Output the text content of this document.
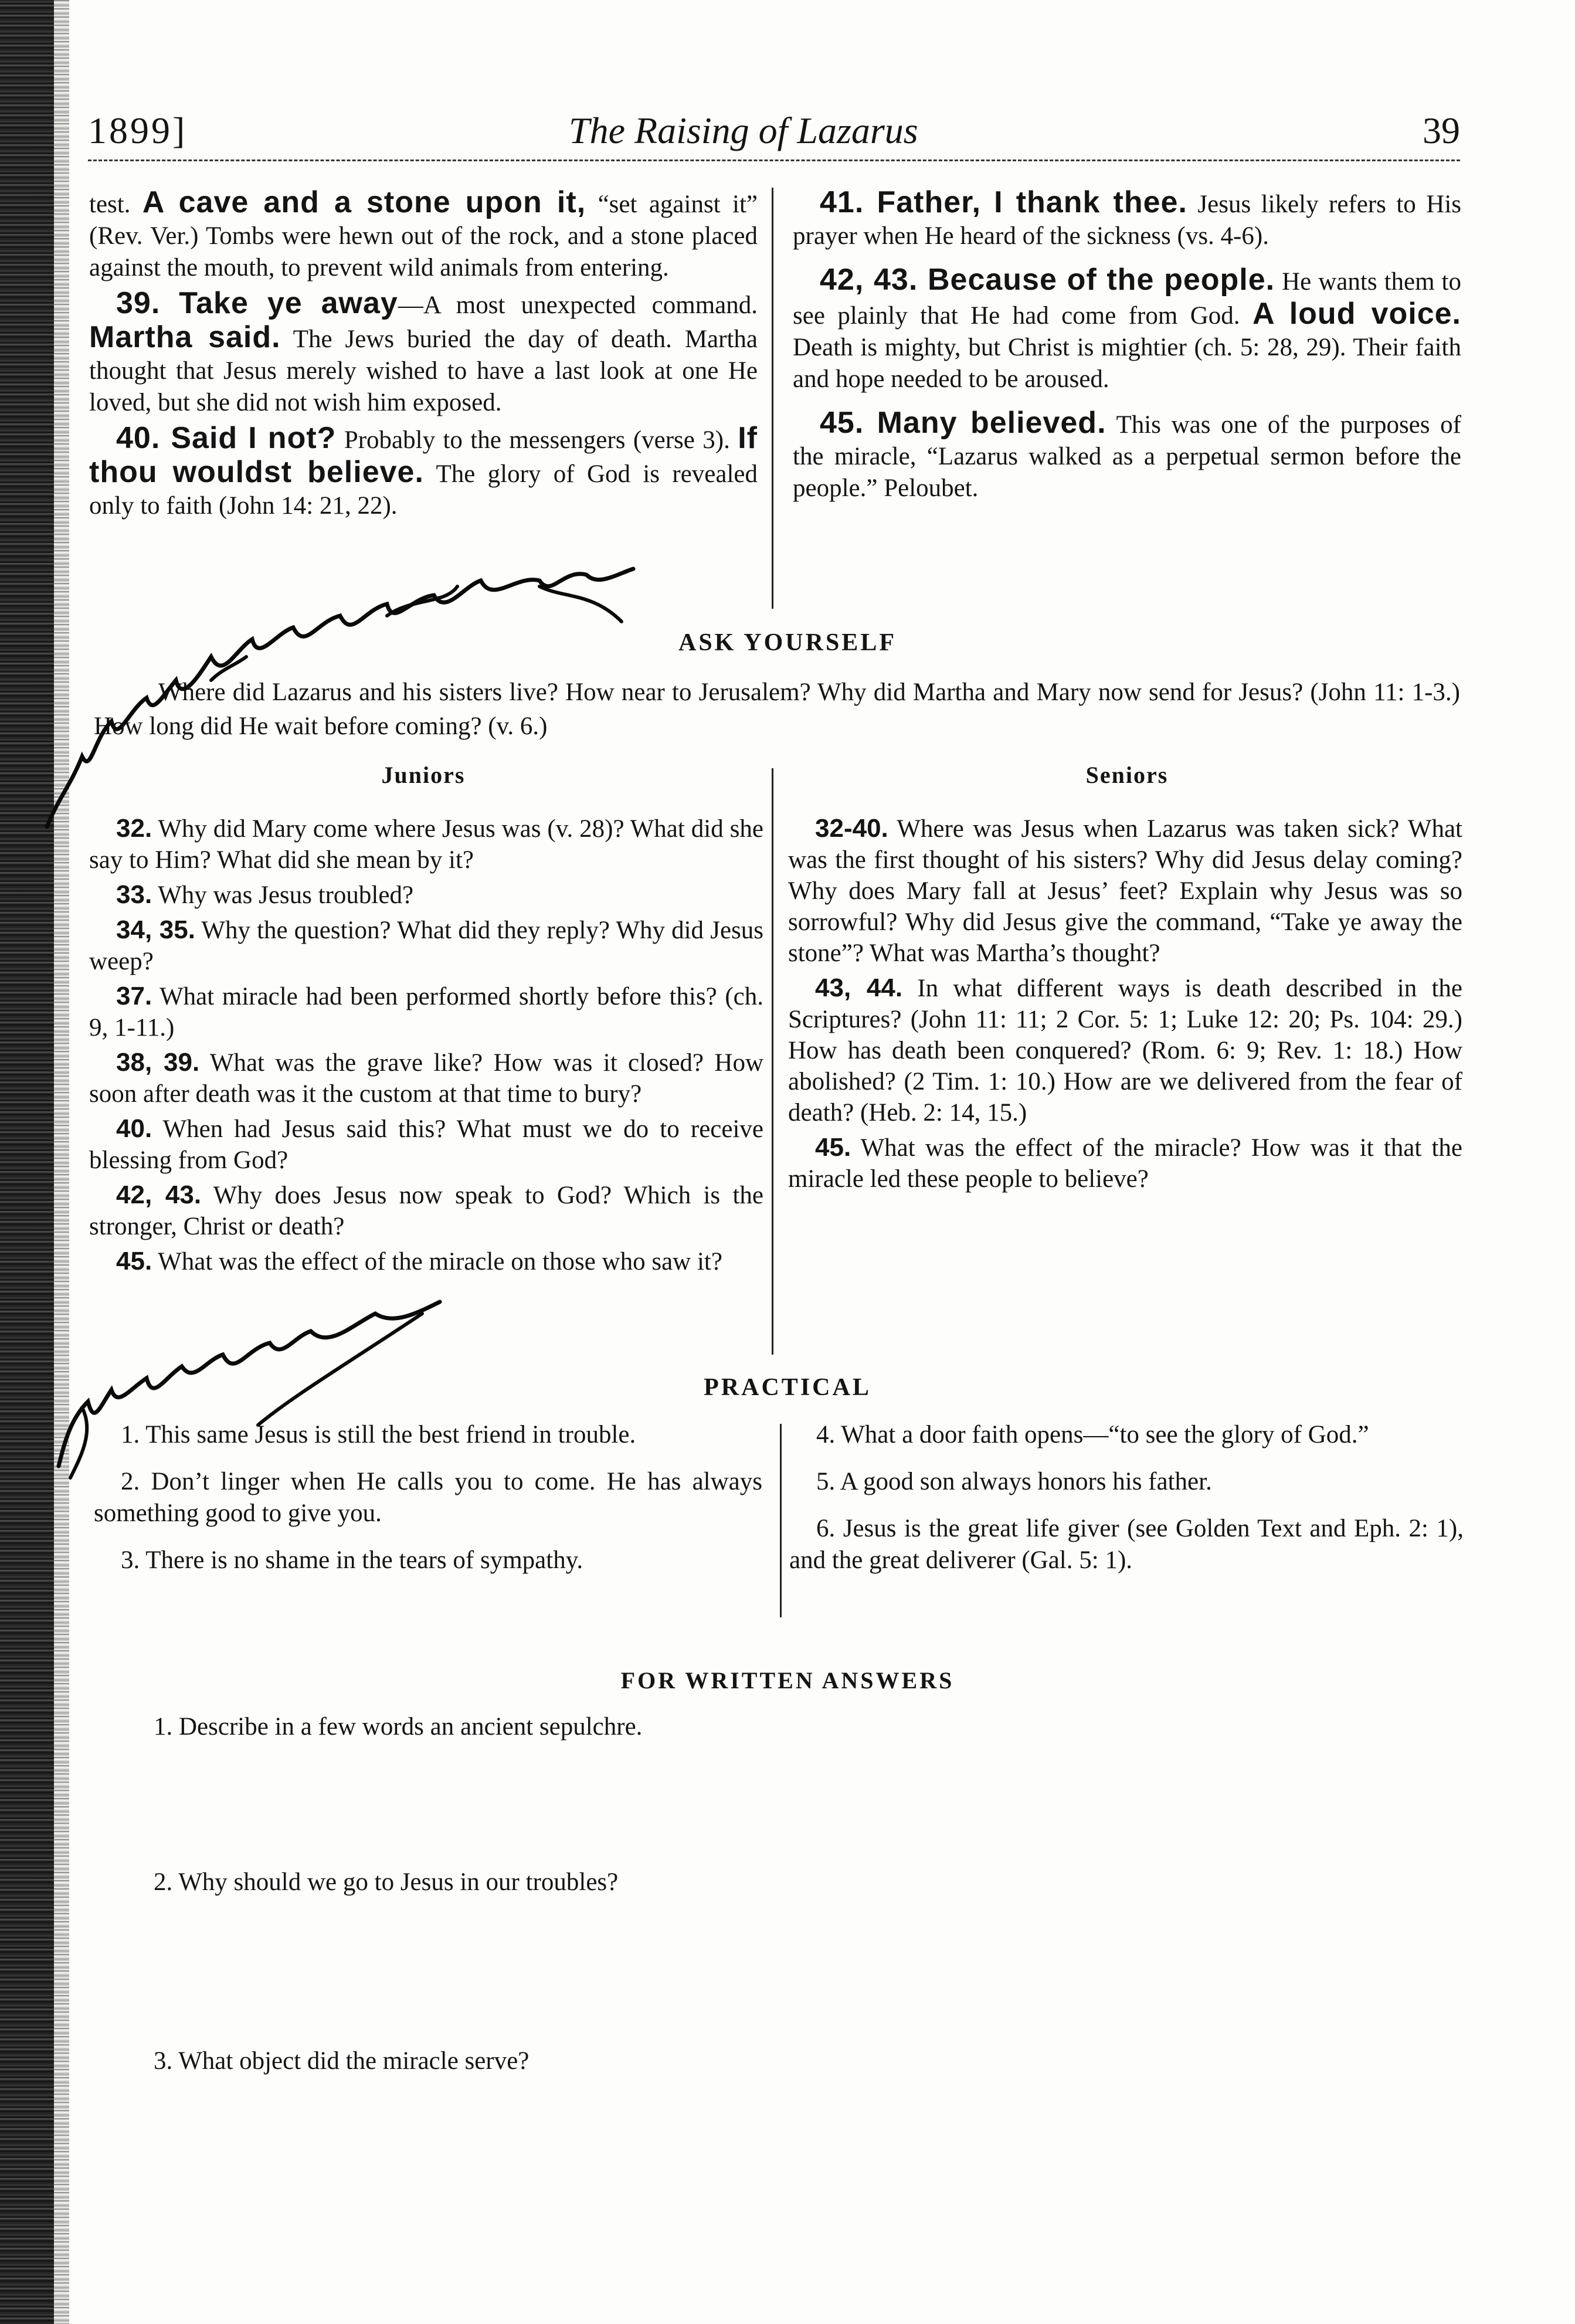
1899]	The Raising of Lazarus	39

test. A cave and a stone upon it, “set against it” (Rev. Ver.) Tombs were hewn out of the rock, and a stone placed against the mouth, to prevent wild animals from entering.

39. Take ye away—A most unexpected command. Martha said. The Jews buried the day of death. Martha thought that Jesus merely wished to have a last look at one He loved, but she did not wish him exposed.

40. Said I not? Probably to the messengers (verse 3). If thou wouldst believe. The glory of God is revealed only to faith (John 14: 21, 22).

41. Father, I thank thee. Jesus likely refers to His prayer when He heard of the sickness (vs. 4-6).

42, 43. Because of the people. He wants them to see plainly that He had come from God. A loud voice. Death is mighty, but Christ is mightier (ch. 5: 28, 29). Their faith and hope needed to be aroused.

45. Many believed. This was one of the purposes of the miracle, “Lazarus walked as a perpetual sermon before the people.” Peloubet.

ASK YOURSELF
Where did Lazarus and his sisters live? How near to Jerusalem? Why did Martha and Mary now send for Jesus? (John 11: 1-3.) How long did He wait before coming? (v. 6.)
Juniors	Seniors

32. Why did Mary come where Jesus was (v. 28)? What did she say to Him? What did she mean by it?

33. Why was Jesus troubled?

34, 35. Why the question? What did they reply? Why did Jesus weep?

37. What miracle had been performed shortly before this? (ch. 9, 1-11.)

38, 39. What was the grave like? How was it closed? How soon after death was it the custom at that time to bury?

40. When had Jesus said this? What must we do to receive blessing from God?

42, 43. Why does Jesus now speak to God? Which is the stronger, Christ or death?

45. What was the effect of the miracle on those who saw it?

32-40. Where was Jesus when Lazarus was taken sick? What was the first thought of his sisters? Why did Jesus delay coming? Why does Mary fall at Jesus’ feet? Explain why Jesus was so sorrowful? Why did Jesus give the command, “Take ye away the stone”? What was Martha’s thought?

43, 44. In what different ways is death described in the Scriptures? (John 11: 11; 2 Cor. 5: 1; Luke 12: 20; Ps. 104: 29.) How has death been conquered? (Rom. 6: 9; Rev. 1: 18.) How abolished? (2 Tim. 1: 10.) How are we delivered from the fear of death? (Heb. 2: 14, 15.)

45. What was the effect of the miracle? How was it that the miracle led these people to believe?

PRACTICAL

1. This same Jesus is still the best friend in trouble.

2. Don’t linger when He calls you to come. He has always something good to give you.

3. There is no shame in the tears of sympathy.

4. What a door faith opens—“to see the glory of God.”

5. A good son always honors his father.

6. Jesus is the great life giver (see Golden Text and Eph. 2: 1), and the great deliverer (Gal. 5: 1).

FOR WRITTEN ANSWERS
1. Describe in a few words an ancient sepulchre.
2. Why should we go to Jesus in our troubles?
3. What object did the miracle serve?
